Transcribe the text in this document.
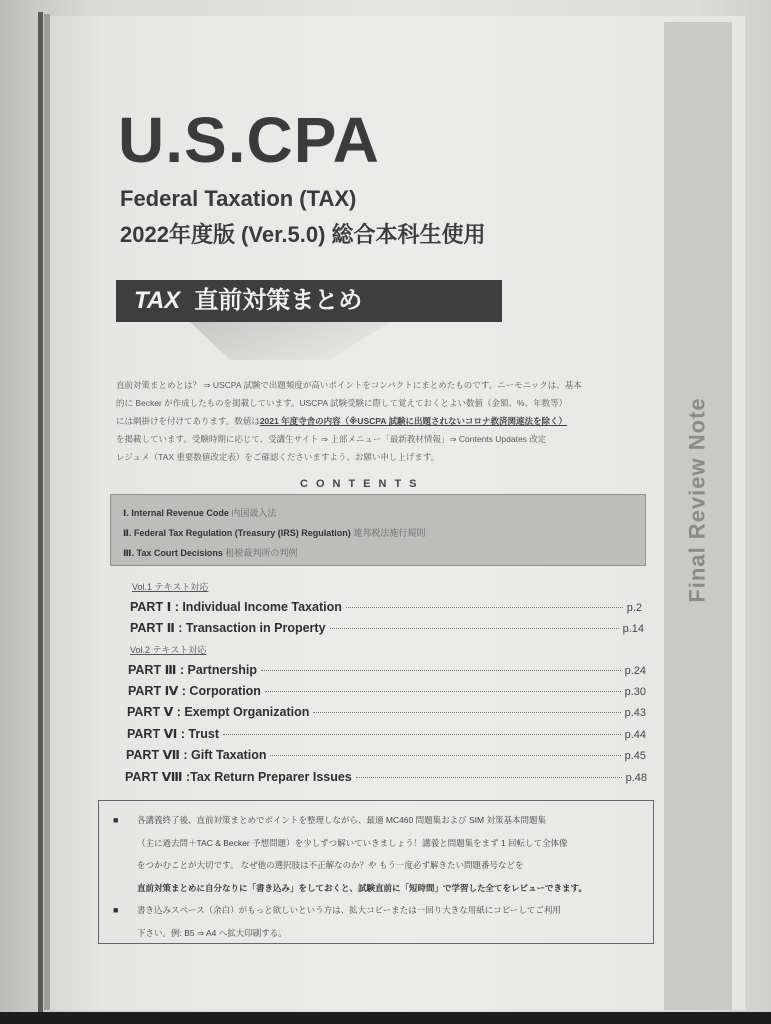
Final Review Note
U.S.CPA
Federal Taxation (TAX)
2022年度版 (Ver.5.0) 総合本科生使用
TAX 直前対策まとめ
直前対策まとめとは？ ⇒ USCPA 試験で出題頻度が高いポイントをコンパクトにまとめたものです。ニーモニックは、基本
的に Becker が作成したものを掲載しています。USCPA 試験受験に際して覚えておくとよい数値（金額、%、年数等）
には網掛けを付けてあります。数値は2021 年度寺舎の内容（※USCPA 試験に出題されないコロナ救済関連法を除く）
を掲載しています。受験時期に応じて、受講生サイト ⇒ 上部メニュー「最新教材情報」⇒ Contents Updates 改定
レジュメ（TAX 重要数値改定表）をご確認くださいますよう、お願い申し上げます。
CONTENTS
Ⅰ. Internal Revenue Code 内国歳入法
Ⅱ. Federal Tax Regulation (Treasury (IRS) Regulation) 連邦税法施行規則
Ⅲ. Tax Court Decisions 租税裁判所の判例
Vol.1 テキスト対応
PART Ⅰ : Individual Income Taxation	p.2
PART Ⅱ : Transaction in Property	p.14
Vol.2 テキスト対応
PART Ⅲ : Partnership	p.24
PART Ⅳ : Corporation	p.30
PART Ⅴ : Exempt Organization	p.43
PART Ⅵ : Trust	p.44
PART Ⅶ : Gift Taxation	p.45
PART Ⅷ :Tax Return Preparer Issues	p.48
■	各講義終了後、直前対策まとめでポイントを整理しながら、最適 MC460 問題集および SIM 対策基本問題集
（主に過去問＋TAC & Becker 予想問題）を少しずつ解いていきましょう！講義と問題集をまず 1 回転して全体像
をつかむことが大切です。 なぜ他の選択肢は不正解なのか？や もう一度必ず解きたい問題番号などを
直前対策まとめに自分なりに「書き込み」をしておくと、試験直前に「短時間」で学習した全てをレビューできます。
■	書き込みスペース（余白）がもっと欲しいという方は、拡大コピーまたは一回り大きな用紙にコピーしてご利用
下さい。例: B5 ⇒ A4 へ拡大印刷する。
